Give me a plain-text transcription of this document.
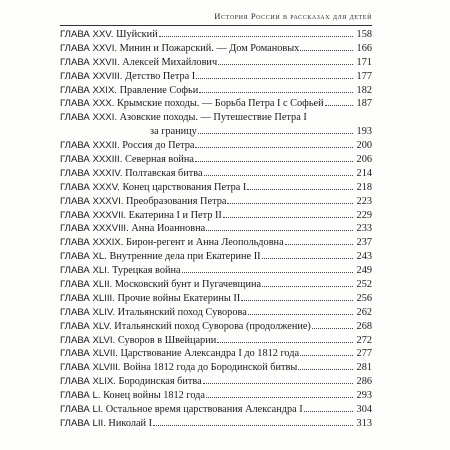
История России в рассказах для детей
ГЛАВА XXV. Шуйский	158
ГЛАВА XXVI. Минин и Пожарский. — Дом Романовых	166
ГЛАВА XXVII. Алексей Михайлович	171
ГЛАВА XXVIII. Детство Петра I	177
ГЛАВА XXIX. Правление Софьи	182
ГЛАВА XXX. Крымские походы. — Борьба Петра I с Софьей	187
ГЛАВА XXXI. Азовские походы. — Путешествие Петра I
за границу	193
ГЛАВА XXXII. Россия до Петра	200
ГЛАВА XXXIII. Северная война	206
ГЛАВА XXXIV. Полтавская битва	214
ГЛАВА XXXV. Конец царствования Петра I	218
ГЛАВА XXXVI. Преобразования Петра	223
ГЛАВА XXXVII. Екатерина I и Петр II	229
ГЛАВА XXXVIII. Анна Иоанновна	233
ГЛАВА XXXIX. Бирон-регент и Анна Леопольдовна	237
ГЛАВА XL. Внутренние дела при Екатерине II	243
ГЛАВА XLI. Турецкая война	249
ГЛАВА XLII. Московский бунт и Пугачевщина	252
ГЛАВА XLIII. Прочие войны Екатерины II	256
ГЛАВА XLIV. Итальянский поход Суворова	262
ГЛАВА XLV. Итальянский поход Суворова (продолжение)	268
ГЛАВА XLVI. Суворов в Швейцарии	272
ГЛАВА XLVII. Царствование Александра I до 1812 года	277
ГЛАВА XLVIII. Война 1812 года до Бородинской битвы	281
ГЛАВА XLIX. Бородинская битва	286
ГЛАВА L. Конец войны 1812 года	293
ГЛАВА LI. Остальное время царствования Александра I	304
ГЛАВА LII. Николай I	313
